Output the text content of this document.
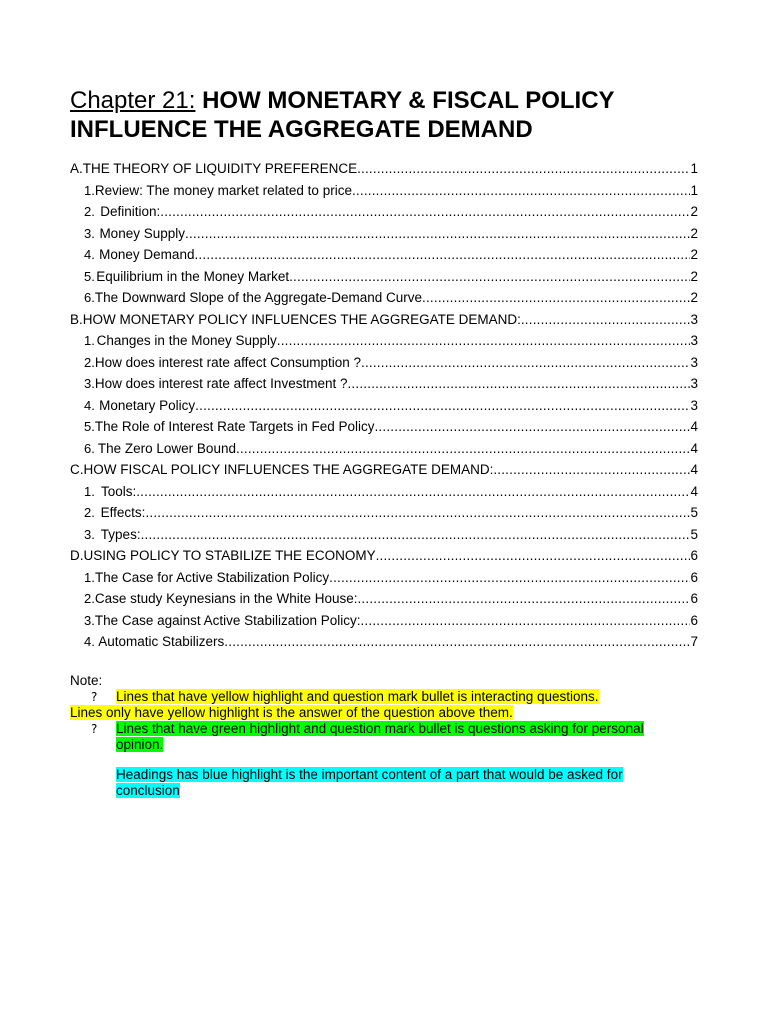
Chapter 21: HOW MONETARY & FISCAL POLICY INFLUENCE THE AGGREGATE DEMAND
A. THE THEORY OF LIQUIDITY PREFERENCE .....	1
1. Review: The money market related to price .....	1
2. Definition: .....	2
3. Money Supply .....	2
4. Money Demand .....	2
5. Equilibrium in the Money Market .....	2
6. The Downward Slope of the Aggregate-Demand Curve .....	2
B. HOW MONETARY POLICY INFLUENCES THE AGGREGATE DEMAND: .....	3
1. Changes in the Money Supply .....	3
2. How does interest rate affect Consumption ? .....	3
3. How does interest rate affect Investment ? .....	3
4. Monetary Policy .....	3
5. The Role of Interest Rate Targets in Fed Policy .....	4
6. The Zero Lower Bound .....	4
C. HOW FISCAL POLICY INFLUENCES THE AGGREGATE DEMAND: .....	4
1. Tools: .....	4
2. Effects: .....	5
3. Types: .....	5
D. USING POLICY TO STABILIZE THE ECONOMY .....	6
1. The Case for Active Stabilization Policy .....	6
2. Case study Keynesians in the White House: .....	6
3. The Case against Active Stabilization Policy: .....	6
4. Automatic Stabilizers .....	7
Note:
? Lines that have yellow highlight and question mark bullet is interacting questions.
Lines only have yellow highlight is the answer of the question above them.
? Lines that have green highlight and question mark bullet is questions asking for personal
opinion.
Headings has blue highlight is the important content of a part that would be asked for
conclusion
